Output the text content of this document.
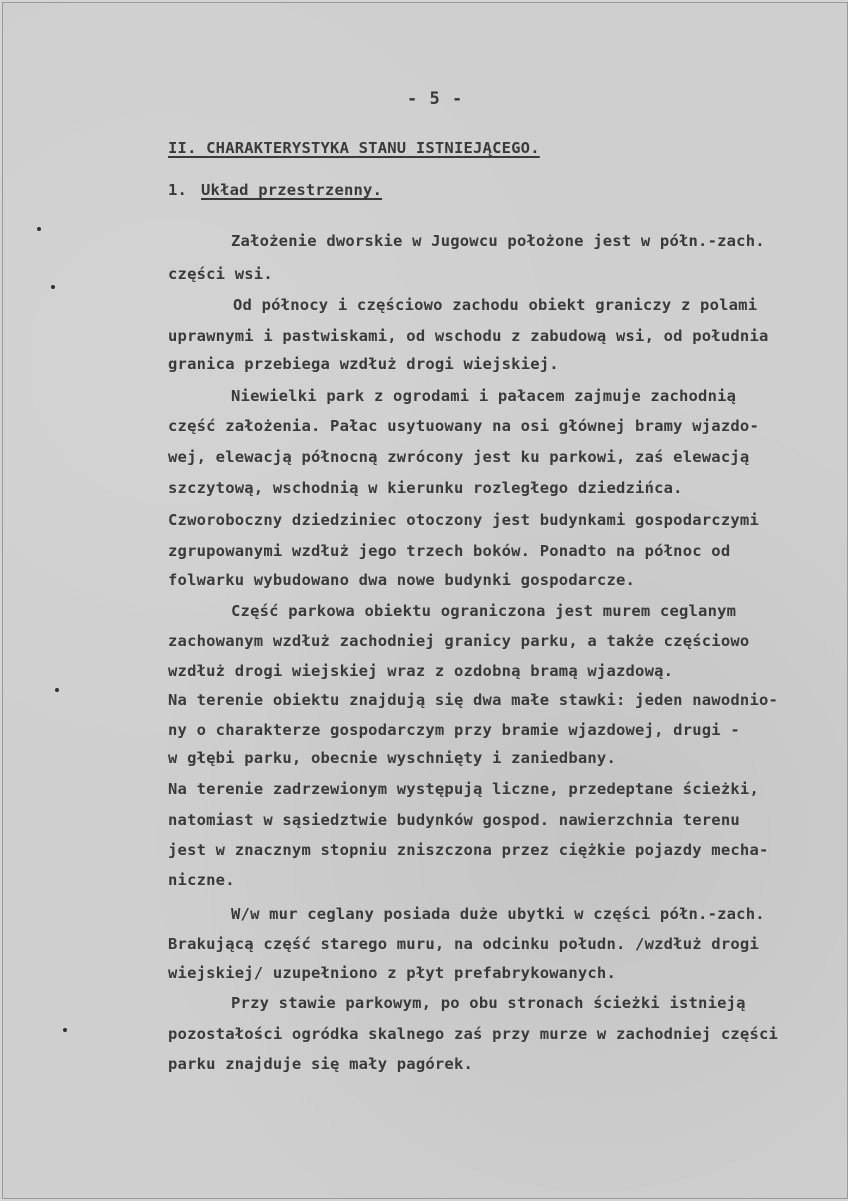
- 5 -
II. CHARAKTERYSTYKA STANU ISTNIEJĄCEGO.
1. Układ przestrzenny.
Założenie dworskie w Jugowcu położone jest w półn.-zach.
części wsi.
Od północy i częściowo zachodu obiekt graniczy z polami
uprawnymi i pastwiskami, od wschodu z zabudową wsi, od południa
granica przebiega wzdłuż drogi wiejskiej.
Niewielki park z ogrodami i pałacem zajmuje zachodnią
część założenia. Pałac usytuowany na osi głównej bramy wjazdo-
wej, elewacją północną zwrócony jest ku parkowi, zaś elewacją
szczytową, wschodnią w kierunku rozległego dziedzińca.
Czworoboczny dziedziniec otoczony jest budynkami gospodarczymi
zgrupowanymi wzdłuż jego trzech boków. Ponadto na północ od
folwarku wybudowano dwa nowe budynki gospodarcze.
Część parkowa obiektu ograniczona jest murem ceglanym
zachowanym wzdłuż zachodniej granicy parku, a także częściowo
wzdłuż drogi wiejskiej wraz z ozdobną bramą wjazdową.
Na terenie obiektu znajdują się dwa małe stawki: jeden nawodnio-
ny o charakterze gospodarczym przy bramie wjazdowej, drugi -
w głębi parku, obecnie wyschnięty i zaniedbany.
Na terenie zadrzewionym występują liczne, przedeptane ścieżki,
natomiast w sąsiedztwie budynków gospod. nawierzchnia terenu
jest w znacznym stopniu zniszczona przez ciężkie pojazdy mecha-
niczne.
W/w mur ceglany posiada duże ubytki w części półn.-zach.
Brakującą część starego muru, na odcinku połudn. /wzdłuż drogi
wiejskiej/ uzupełniono z płyt prefabrykowanych.
Przy stawie parkowym, po obu stronach ścieżki istnieją
pozostałości ogródka skalnego zaś przy murze w zachodniej części
parku znajduje się mały pagórek.
